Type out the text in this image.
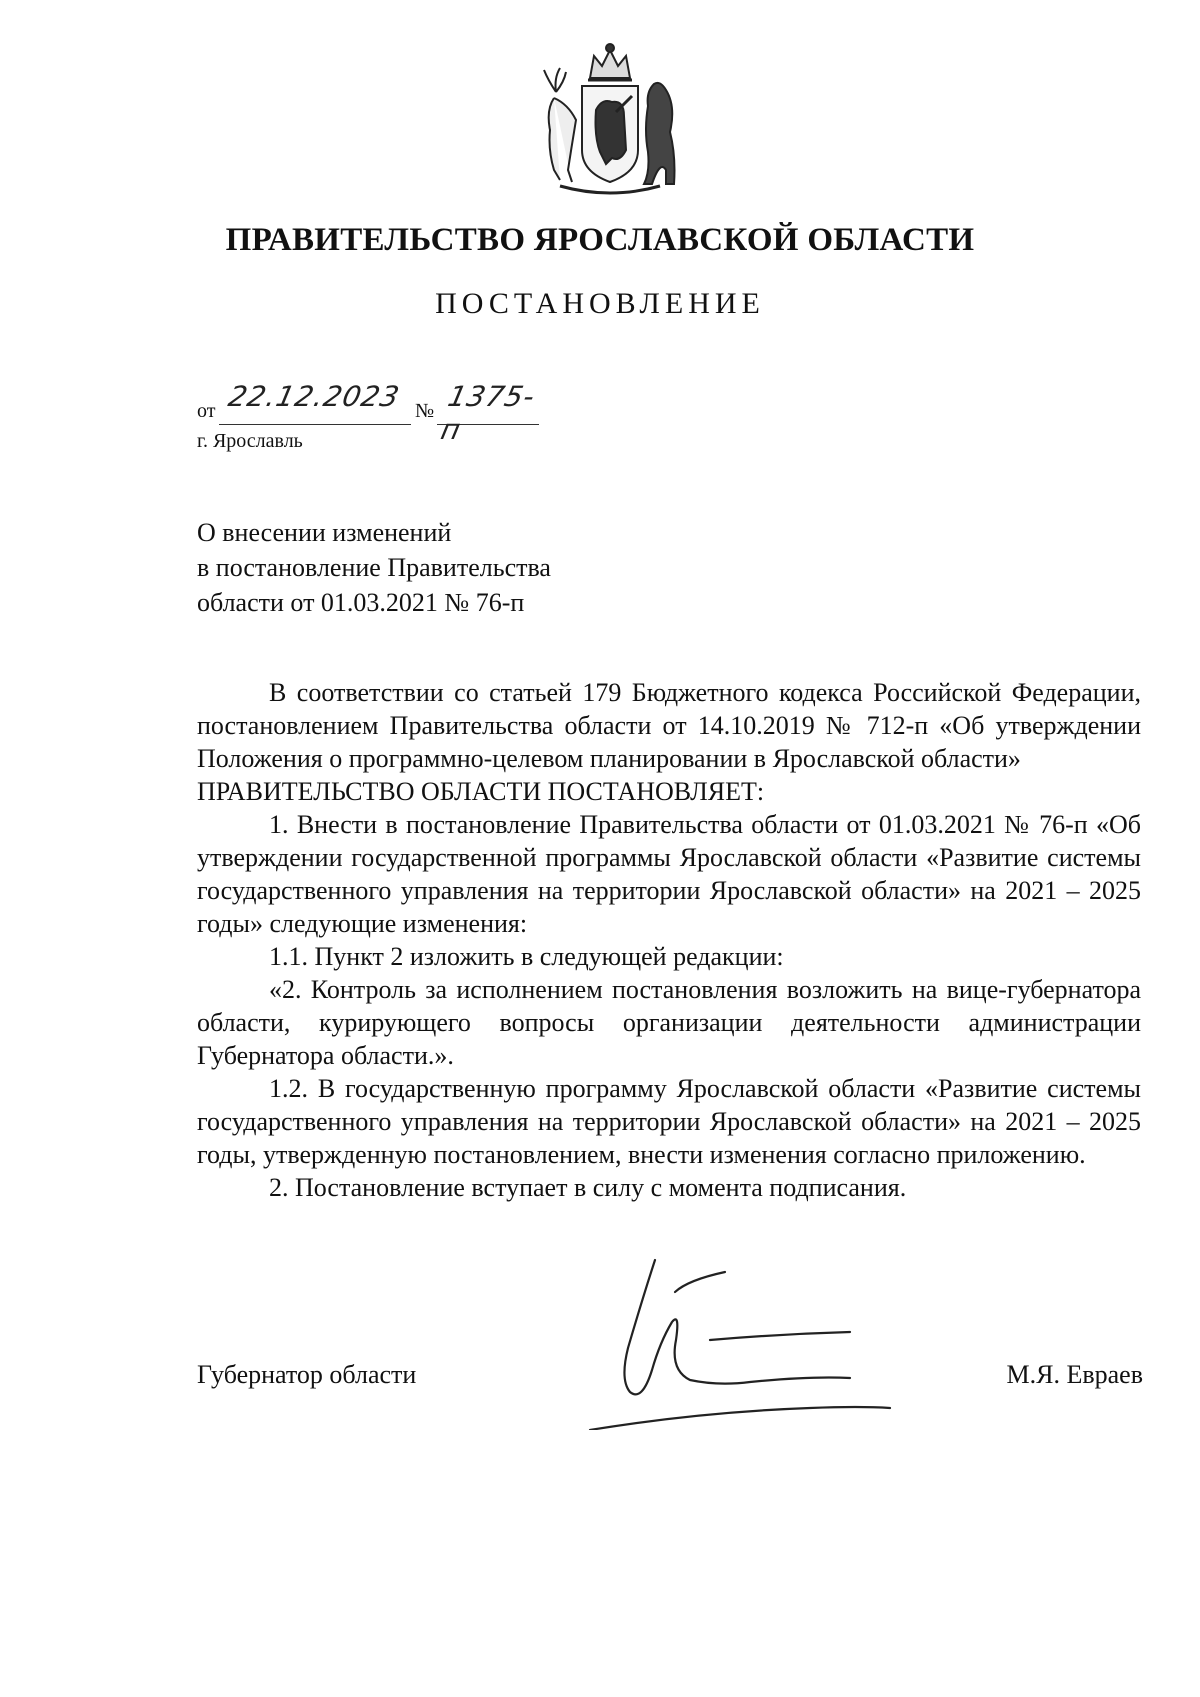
ПРАВИТЕЛЬСТВО ЯРОСЛАВСКОЙ ОБЛАСТИ
ПОСТАНОВЛЕНИЕ
от 22.12.2023 № 1375-п
г. Ярославль
О внесении изменений
в постановление Правительства
области от 01.03.2021 № 76-п

В соответствии со статьей 179 Бюджетного кодекса Российской Федерации, постановлением Правительства области от 14.10.2019 № 712-п «Об утверждении Положения о программно-целевом планировании в Ярославской области»

ПРАВИТЕЛЬСТВО ОБЛАСТИ ПОСТАНОВЛЯЕТ:

1. Внести в постановление Правительства области от 01.03.2021 № 76-п «Об утверждении государственной программы Ярославской области «Развитие системы государственного управления на территории Ярославской области» на 2021 – 2025 годы» следующие изменения:

1.1. Пункт 2 изложить в следующей редакции:

«2. Контроль за исполнением постановления возложить на вице-губернатора области, курирующего вопросы организации деятельности администрации Губернатора области.».

1.2. В государственную программу Ярославской области «Развитие системы государственного управления на территории Ярославской области» на 2021 – 2025 годы, утвержденную постановлением, внести изменения согласно приложению.

2. Постановление вступает в силу с момента подписания.

Губернатор области	М.Я. Евраев
